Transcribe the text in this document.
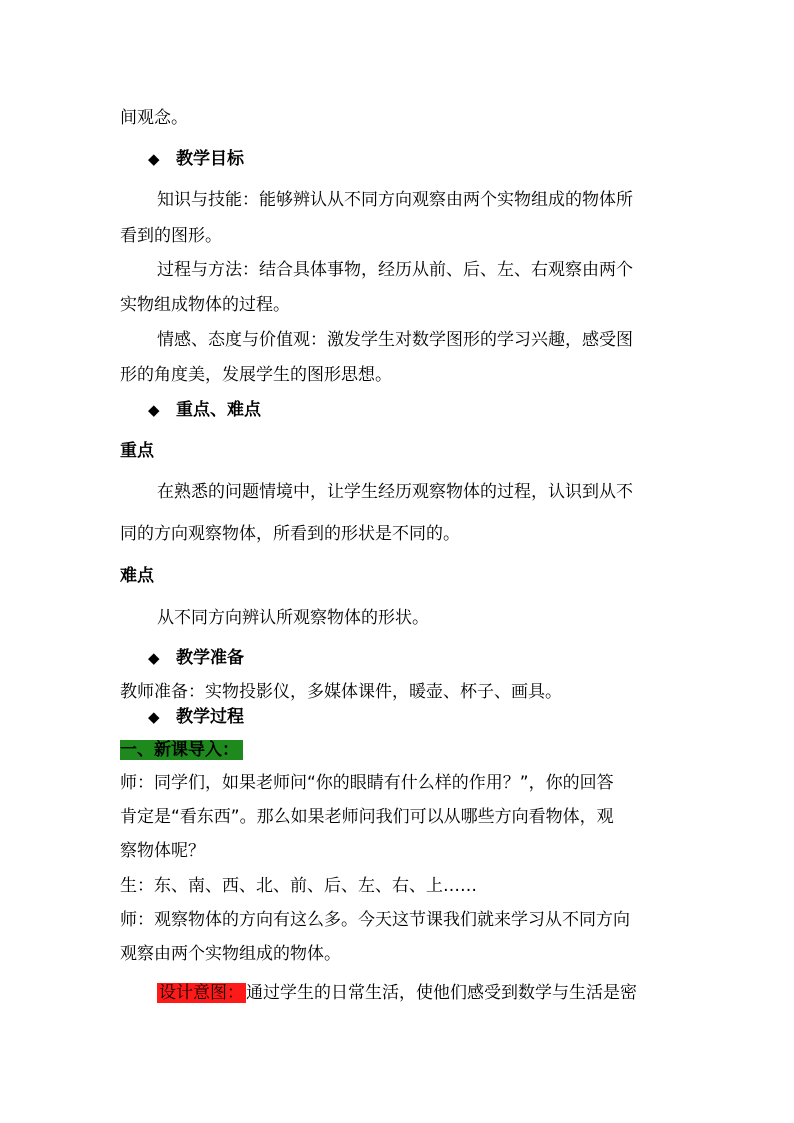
间观念。
◆ 教学目标
知识与技能：能够辨认从不同方向观察由两个实物组成的物体所
看到的图形。
过程与方法：结合具体事物，经历从前、后、左、右观察由两个
实物组成物体的过程。
情感、态度与价值观：激发学生对数学图形的学习兴趣，感受图
形的角度美，发展学生的图形思想。
◆ 重点、难点
重点
在熟悉的问题情境中，让学生经历观察物体的过程，认识到从不
同的方向观察物体，所看到的形状是不同的。
难点
从不同方向辨认所观察物体的形状。
◆ 教学准备
教师准备：实物投影仪，多媒体课件，暖壶、杯子、画具。
◆ 教学过程
一、新课导入：
师：同学们，如果老师问“你的眼睛有什么样的作用？”，你的回答
肯定是“看东西”。那么如果老师问我们可以从哪些方向看物体，观
察物体呢？
生：东、南、西、北、前、后、左、右、上……
师：观察物体的方向有这么多。今天这节课我们就来学习从不同方向
观察由两个实物组成的物体。
设计意图： 通过学生的日常生活，使他们感受到数学与生活是密
